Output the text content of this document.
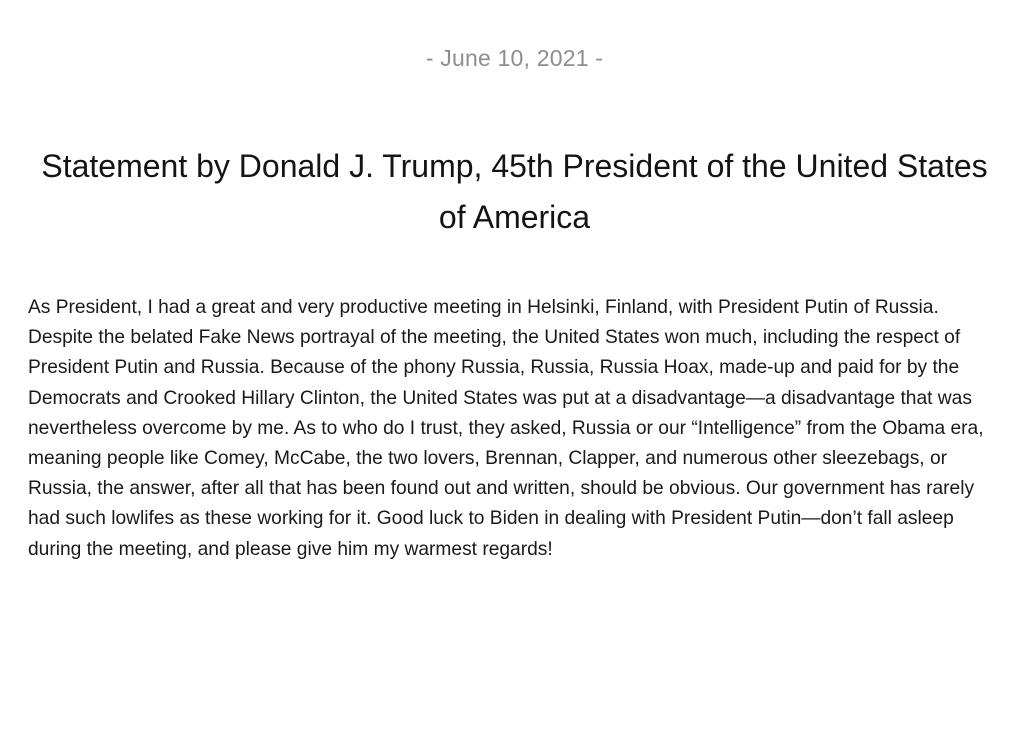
- June 10, 2021 -
Statement by Donald J. Trump, 45th President of the United States of America

As President, I had a great and very productive meeting in Helsinki, Finland, with President Putin of Russia. Despite the belated Fake News portrayal of the meeting, the United States won much, including the respect of President Putin and Russia. Because of the phony Russia, Russia, Russia Hoax, made-up and paid for by the Democrats and Crooked Hillary Clinton, the United States was put at a disadvantage—a disadvantage that was nevertheless overcome by me. As to who do I trust, they asked, Russia or our “Intelligence” from the Obama era, meaning people like Comey, McCabe, the two lovers, Brennan, Clapper, and numerous other sleezebags, or Russia, the answer, after all that has been found out and written, should be obvious. Our government has rarely had such lowlifes as these working for it. Good luck to Biden in dealing with President Putin—don’t fall asleep during the meeting, and please give him my warmest regards!
